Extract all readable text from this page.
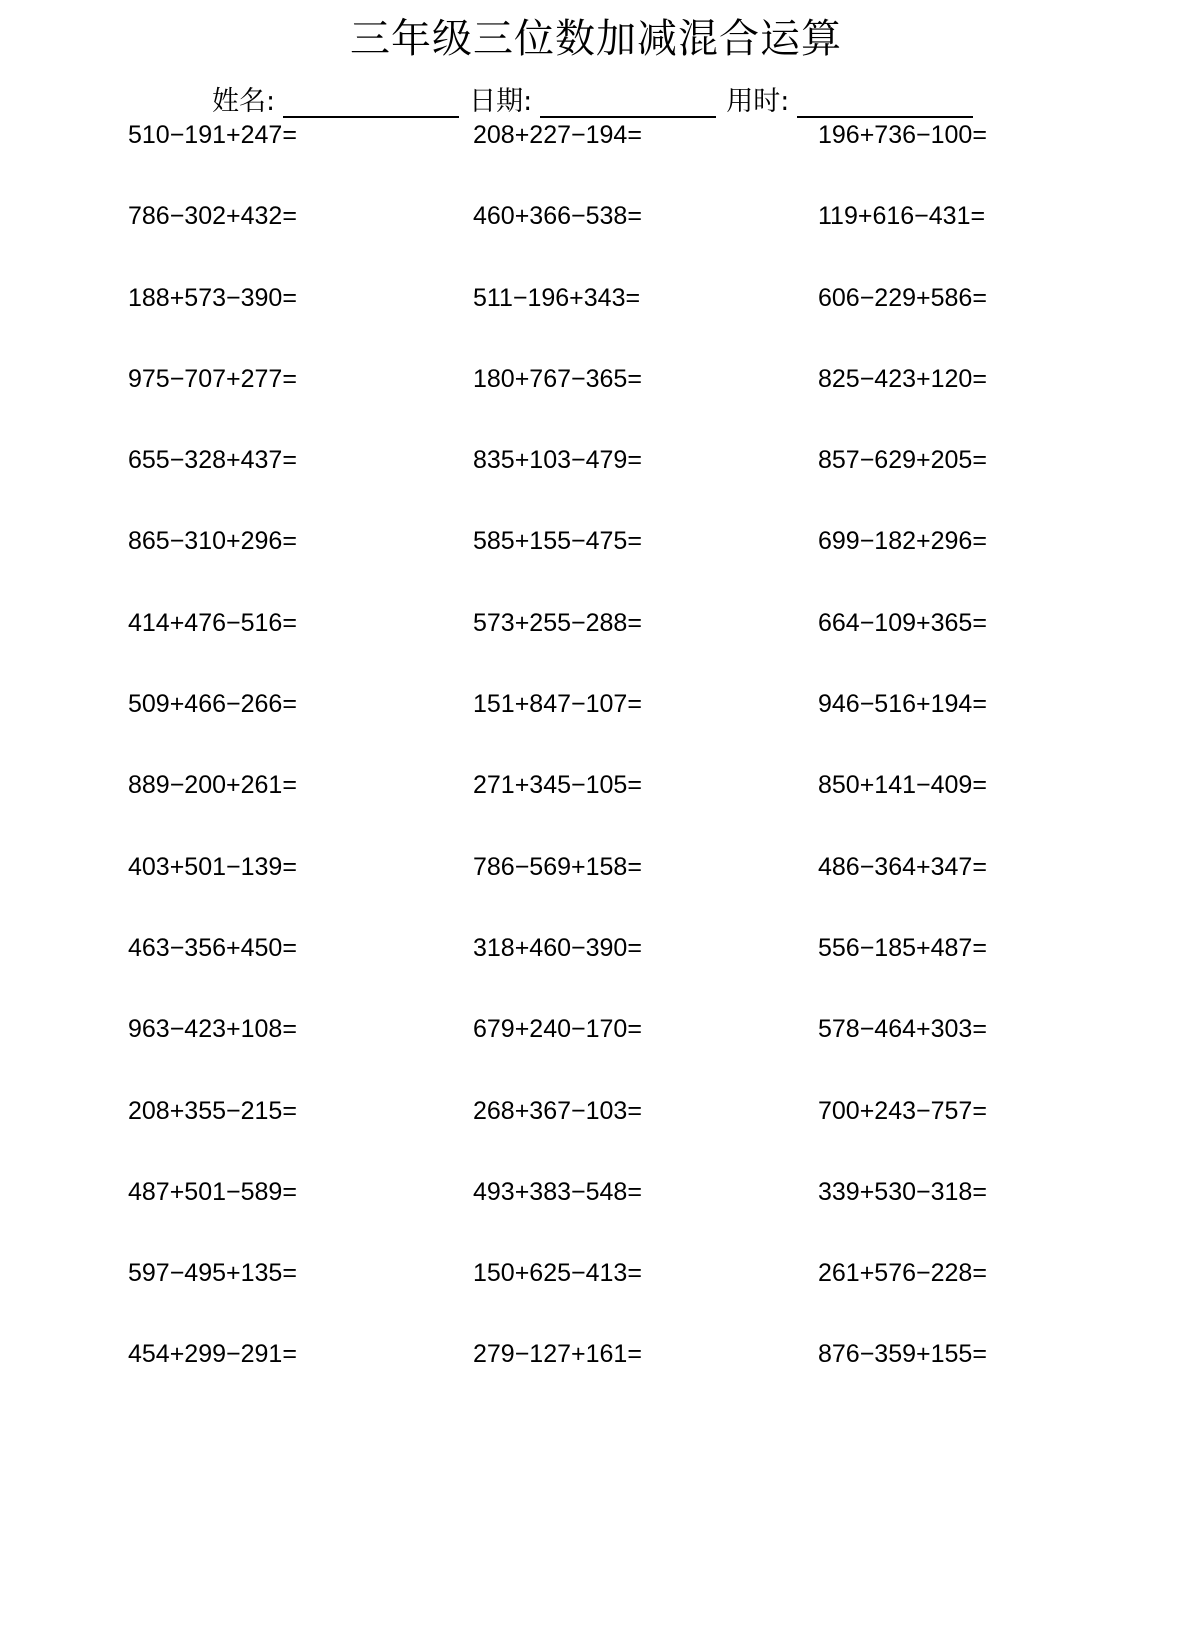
三年级三位数加减混合运算
姓名:	日期:	用时:
510−191+247=	208+227−194=	196+736−100=
786−302+432=	460+366−538=	119+616−431=
188+573−390=	511−196+343=	606−229+586=
975−707+277=	180+767−365=	825−423+120=
655−328+437=	835+103−479=	857−629+205=
865−310+296=	585+155−475=	699−182+296=
414+476−516=	573+255−288=	664−109+365=
509+466−266=	151+847−107=	946−516+194=
889−200+261=	271+345−105=	850+141−409=
403+501−139=	786−569+158=	486−364+347=
463−356+450=	318+460−390=	556−185+487=
963−423+108=	679+240−170=	578−464+303=
208+355−215=	268+367−103=	700+243−757=
487+501−589=	493+383−548=	339+530−318=
597−495+135=	150+625−413=	261+576−228=
454+299−291=	279−127+161=	876−359+155=
